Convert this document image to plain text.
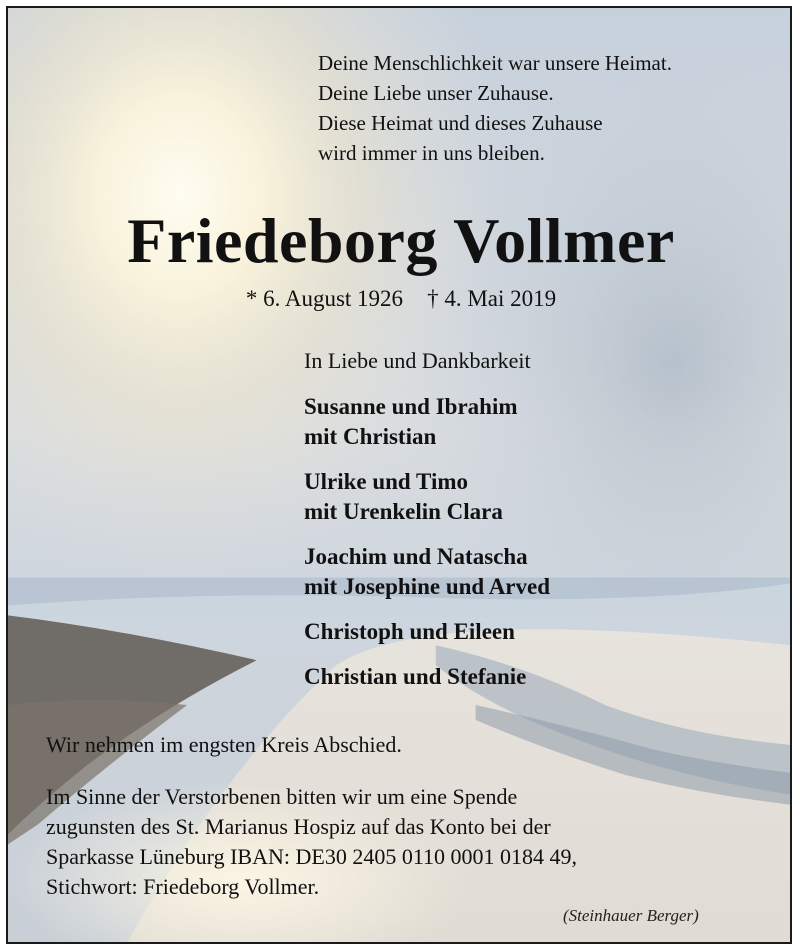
Deine Menschlichkeit war unsere Heimat.
Deine Liebe unser Zuhause.
Diese Heimat und dieses Zuhause
wird immer in uns bleiben.
Friedeborg Vollmer
* 6. August 1926 † 4. Mai 2019
In Liebe und Dankbarkeit
Susanne und Ibrahim
mit Christian
Ulrike und Timo
mit Urenkelin Clara
Joachim und Natascha
mit Josephine und Arved
Christoph und Eileen
Christian und Stefanie
Wir nehmen im engsten Kreis Abschied.
Im Sinne der Verstorbenen bitten wir um eine Spende
zugunsten des St. Marianus Hospiz auf das Konto bei der
Sparkasse Lüneburg IBAN: DE30 2405 0110 0001 0184 49,
Stichwort: Friedeborg Vollmer.
(Steinhauer Berger)
